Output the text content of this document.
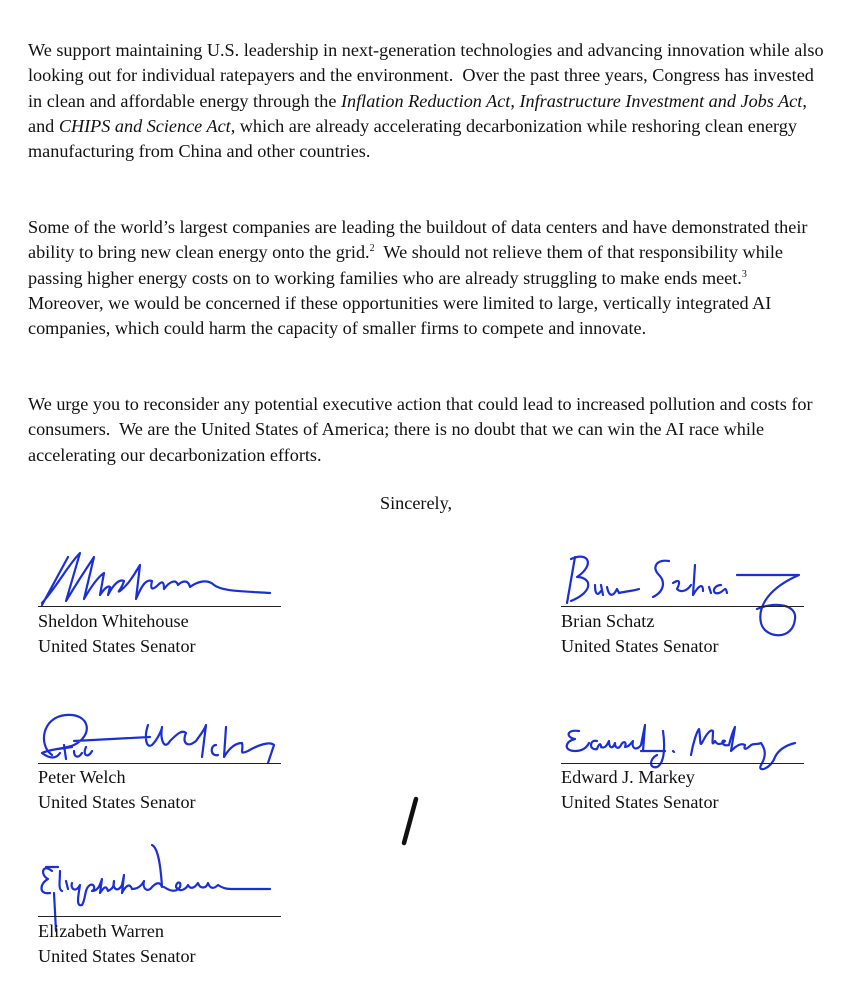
We support maintaining U.S. leadership in next-generation technologies and advancing innovation while also looking out for individual ratepayers and the environment.  Over the past three years, Congress has invested in clean and affordable energy through the Inflation Reduction Act, Infrastructure Investment and Jobs Act, and CHIPS and Science Act, which are already accelerating decarbonization while reshoring clean energy manufacturing from China and other countries.

Some of the world’s largest companies are leading the buildout of data centers and have demonstrated their ability to bring new clean energy onto the grid.$^2$  We should not relieve them of that responsibility while passing higher energy costs on to working families who are already struggling to make ends meet.$^3$  Moreover, we would be concerned if these opportunities were limited to large, vertically integrated AI companies, which could harm the capacity of smaller firms to compete and innovate.

We urge you to reconsider any potential executive action that could lead to increased pollution and costs for consumers.  We are the United States of America; there is no doubt that we can win the AI race while accelerating our decarbonization efforts.

Sincerely,
Sheldon Whitehouse
United States Senator
Brian Schatz
United States Senator
Peter Welch
United States Senator
Edward J. Markey
United States Senator
Elizabeth Warren
United States Senator
